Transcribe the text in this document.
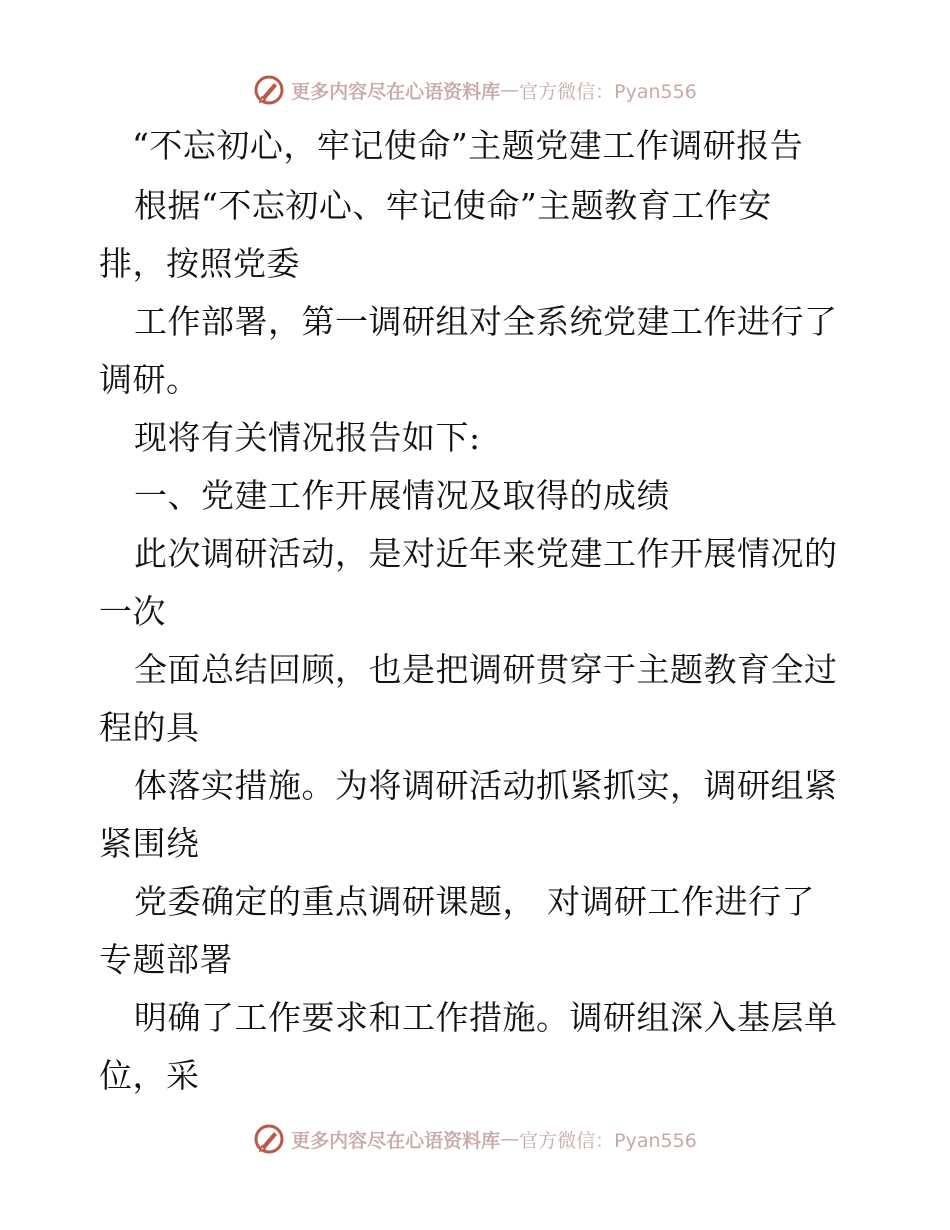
更多内容尽在心语资料库 — 官方微信：Pyan556
“不忘初心，牢记使命”主题党建工作调研报告
根据“不忘初心、牢记使命”主题教育工作安
排，按照党委
工作部署，第一调研组对全系统党建工作进行了
调研。
现将有关情况报告如下:
一、党建工作开展情况及取得的成绩
此次调研活动，是对近年来党建工作开展情况的
一次
全面总结回顾，也是把调研贯穿于主题教育全过
程的具
体落实措施。为将调研活动抓紧抓实，调研组紧
紧围绕
党委确定的重点调研课题， 对调研工作进行了
专题部署
明确了工作要求和工作措施。调研组深入基层单
位，采
更多内容尽在心语资料库 — 官方微信：Pyan556
